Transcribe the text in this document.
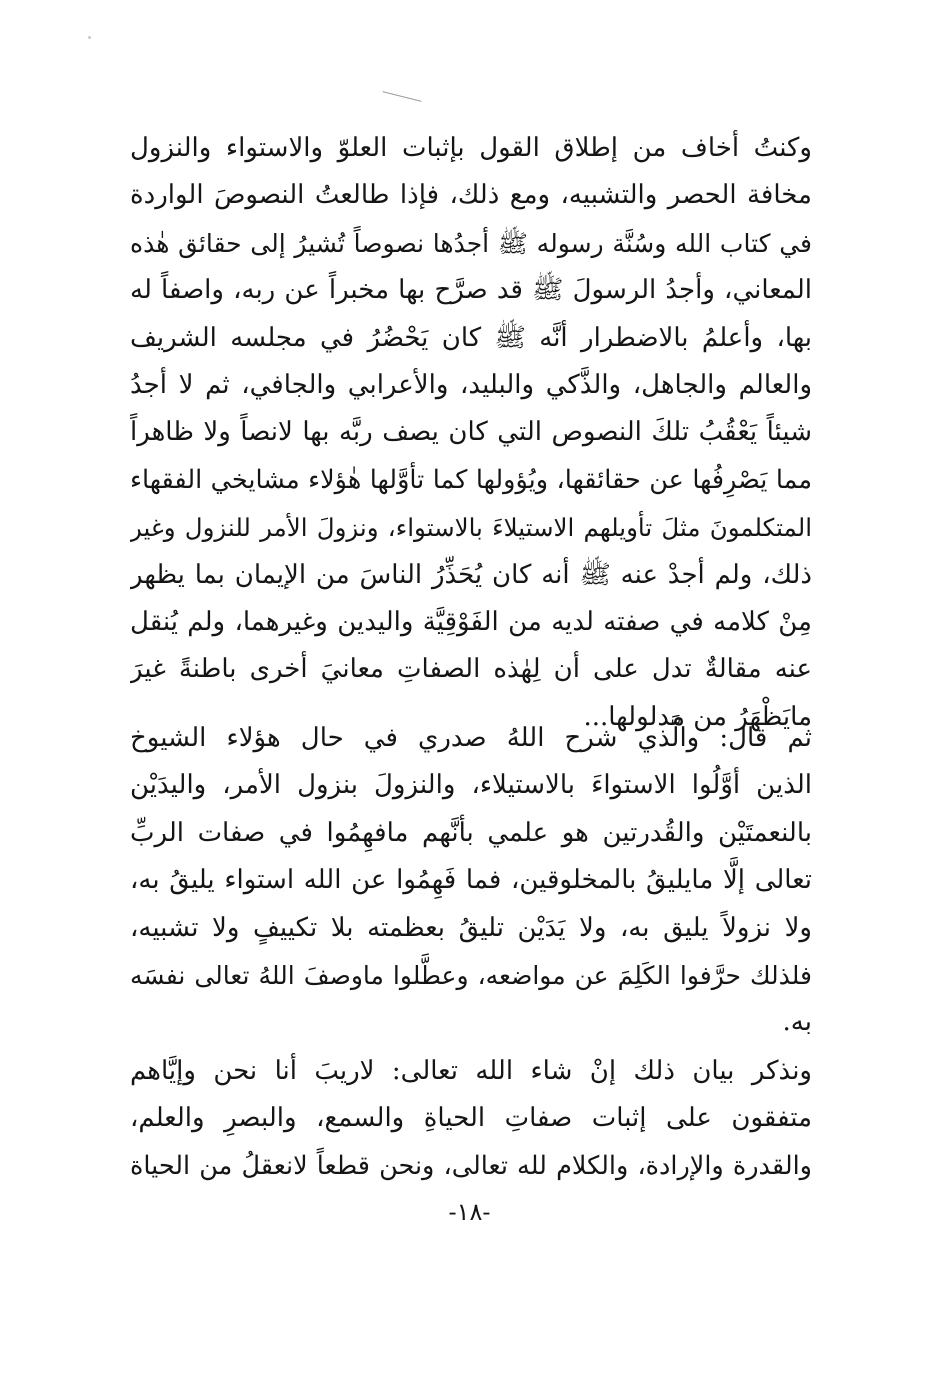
وكنتُ أخاف من إطلاق القول بإثبات العلوّ والاستواء والنزول
مخافة الحصر والتشبيه، ومع ذلك، فإذا طالعتُ النصوصَ الواردة
في كتاب الله وسُنَّة رسوله ﷺ أجدُها نصوصاً تُشيرُ إلى حقائق هٰذه
المعاني، وأجدُ الرسولَ ﷺ قد صرَّح بها مخبراً عن ربه، واصفاً له
بها، وأعلمُ بالاضطرار أنَّه ﷺ كان يَحْضُرُ في مجلسه الشريف
والعالم والجاهل، والذَّكي والبليد، والأعرابي والجافي، ثم لا أجدُ
شيئاً يَعْقُبُ تلكَ النصوص التي كان يصف ربَّه بها لانصاً ولا ظاهراً
مما يَصْرِفُها عن حقائقها، ويُؤولها كما تأوَّلها هٰؤلاء مشايخي الفقهاء
المتكلمونَ مثلَ تأويلهم الاستيلاءَ بالاستواء، ونزولَ الأمر للنزول وغير
ذلك، ولم أجدْ عنه ﷺ أنه كان يُحَذِّرُ الناسَ من الإيمان بما يظهر
مِنْ كلامه في صفته لديه من الفَوْقِيَّة واليدين وغيرهما، ولم يُنقل
عنه مقالةٌ تدل على أن لِهٰذه الصفاتِ معانيَ أخرى باطنةً غيرَ
مايَظْهَرُ من مدلولها...
ثم قال: والَّذي شرح اللهُ صدري في حال هؤلاء الشيوخ
الذين أوَّلُوا الاستواءَ بالاستيلاء، والنزولَ بنزول الأمر، واليدَيْن
بالنعمتَيْن والقُدرتين هو علمي بأنَّهم مافهِمُوا في صفات الربِّ
تعالى إلَّا مايليقُ بالمخلوقين، فما فَهِمُوا عن الله استواء يليقُ به،
ولا نزولاً يليق به، ولا يَدَيْن تليقُ بعظمته بلا تكييفٍ ولا تشبيه،
فلذلك حرَّفوا الكَلِمَ عن مواضعه، وعطَّلوا ماوصفَ اللهُ تعالى نفسَه
به.
ونذكر بيان ذلك إنْ شاء الله تعالى: لاريبَ أنا نحن وإيَّاهم
متفقون على إثبات صفاتِ الحياةِ والسمع، والبصرِ والعلم،
والقدرة والإرادة، والكلام لله تعالى، ونحن قطعاً لانعقلُ من الحياة
-١٨-
